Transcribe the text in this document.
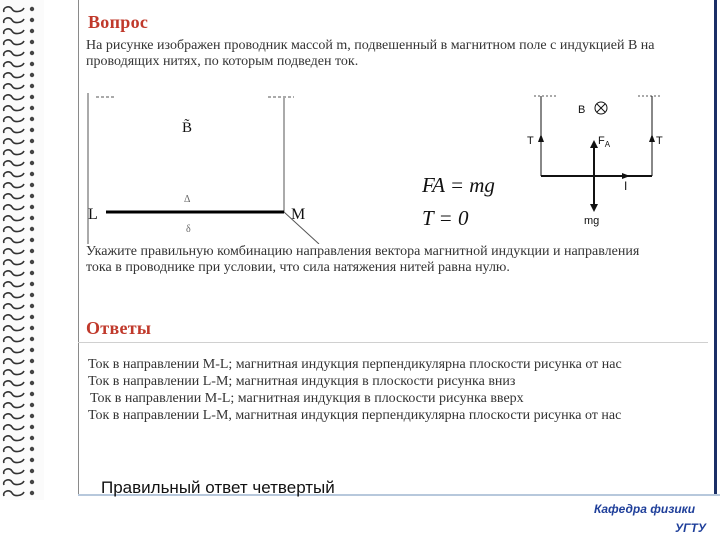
Вопрос
На рисунке изображен проводник массой m, подвешенный в магнитном поле с индукцией B на проводящих нитях, по которым подведен ток.
B̃
L	M
Δ
δ
FA = mg
T = 0
B
T	T
$F_A$
I
mg
Укажите правильную комбинацию направления вектора магнитной индукции и направления тока в проводнике при условии, что сила натяжения нитей равна нулю.
Ответы
Ток в направлении M-L; магнитная индукция перпендикулярна плоскости рисунка от нас
Ток в направлении L-M; магнитная индукция в плоскости рисунка вниз
Ток в направлении M-L; магнитная индукция в плоскости рисунка вверх
Ток в направлении L-M, магнитная индукция перпендикулярна плоскости рисунка от нас
Правильный ответ четвертый
Кафедра физики
УГТУ
